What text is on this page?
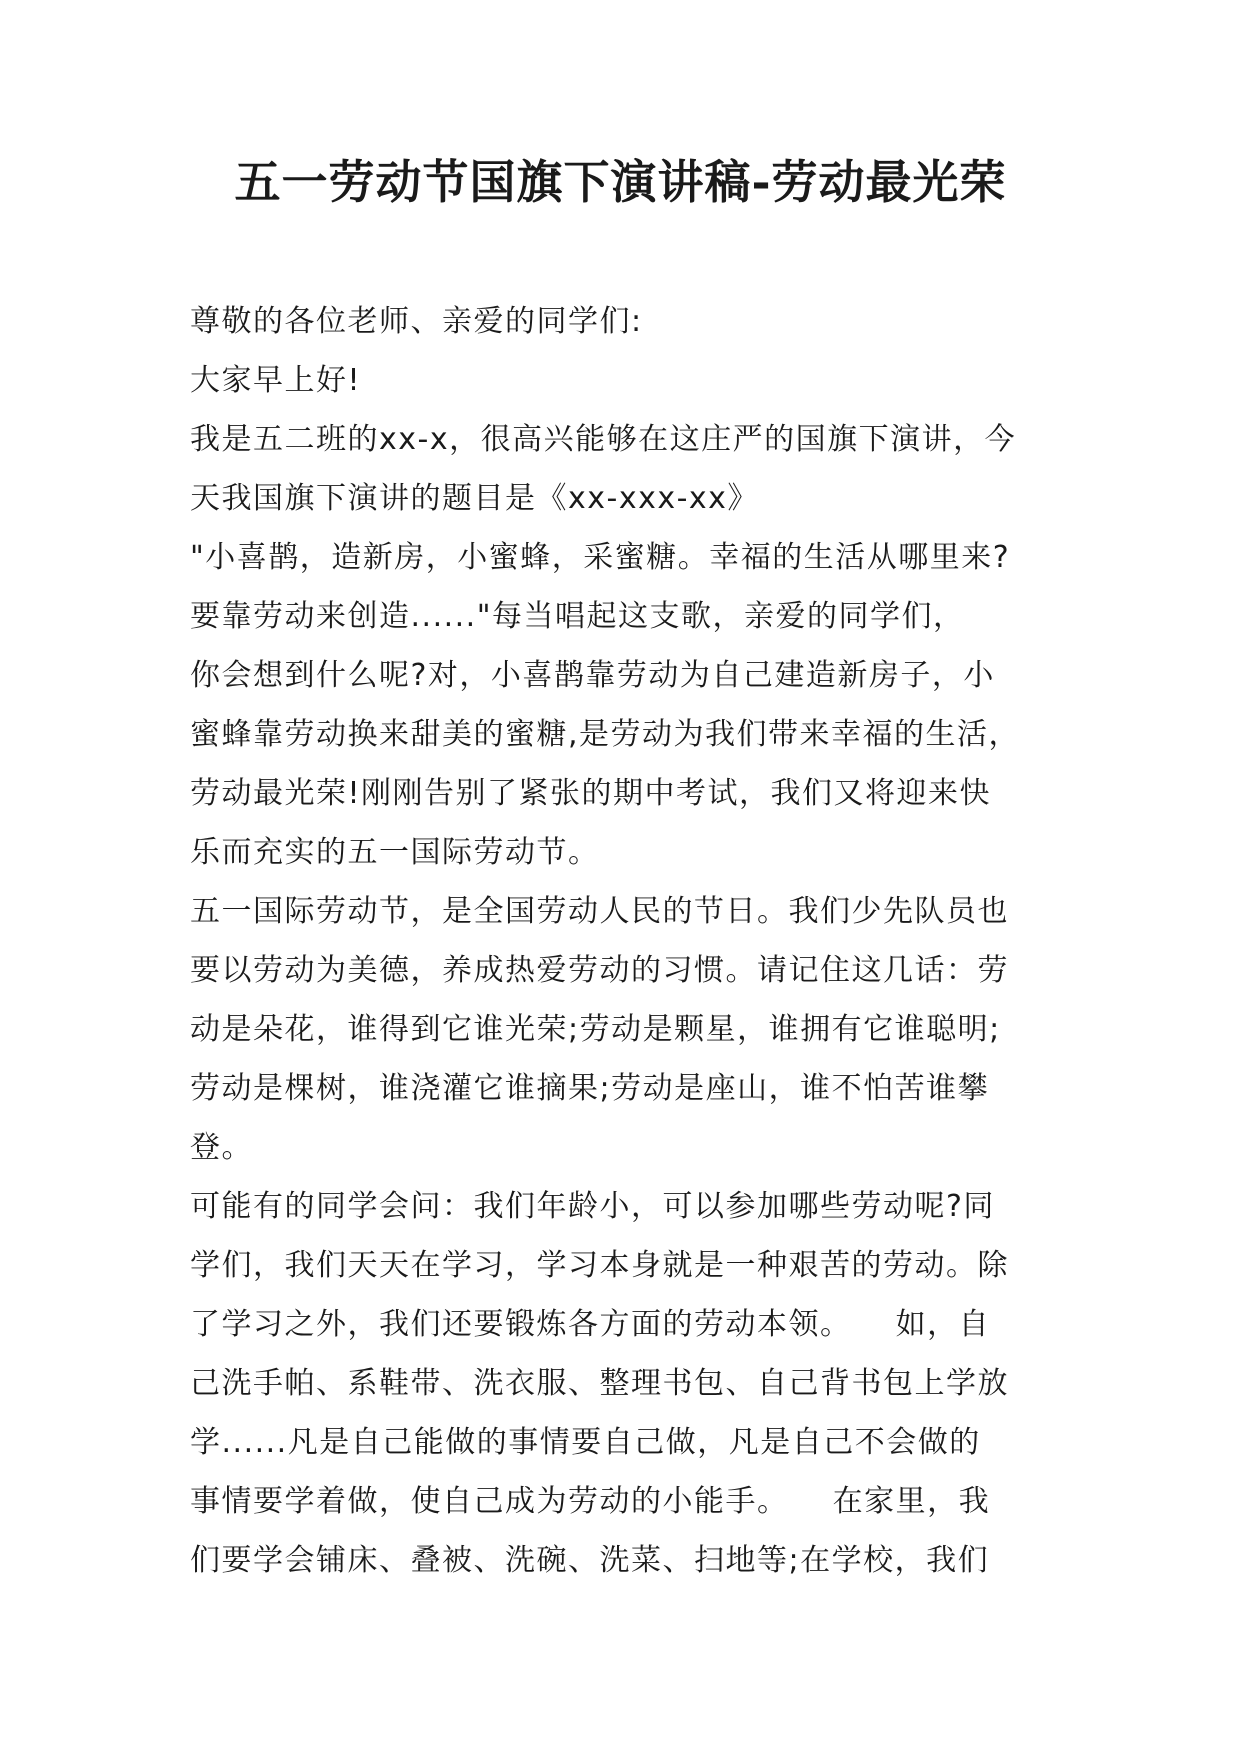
五一劳动节国旗下演讲稿-劳动最光荣
尊敬的各位老师、亲爱的同学们:
大家早上好!
我是五二班的xx-x，很高兴能够在这庄严的国旗下演讲，今
天我国旗下演讲的题目是《xx-xxx-xx》
"小喜鹊，造新房，小蜜蜂，采蜜糖。幸福的生活从哪里来?
要靠劳动来创造......"每当唱起这支歌，亲爱的同学们，
你会想到什么呢?对，小喜鹊靠劳动为自己建造新房子，小
蜜蜂靠劳动换来甜美的蜜糖,是劳动为我们带来幸福的生活，
劳动最光荣!刚刚告别了紧张的期中考试，我们又将迎来快
乐而充实的五一国际劳动节。
五一国际劳动节，是全国劳动人民的节日。我们少先队员也
要以劳动为美德，养成热爱劳动的习惯。请记住这几话：劳
动是朵花，谁得到它谁光荣;劳动是颗星，谁拥有它谁聪明;
劳动是棵树，谁浇灌它谁摘果;劳动是座山，谁不怕苦谁攀
登。
可能有的同学会问：我们年龄小，可以参加哪些劳动呢?同
学们，我们天天在学习，学习本身就是一种艰苦的劳动。除
了学习之外，我们还要锻炼各方面的劳动本领。    如，自
己洗手帕、系鞋带、洗衣服、整理书包、自己背书包上学放
学......凡是自己能做的事情要自己做，凡是自己不会做的
事情要学着做，使自己成为劳动的小能手。    在家里，我
们要学会铺床、叠被、洗碗、洗菜、扫地等;在学校，我们
